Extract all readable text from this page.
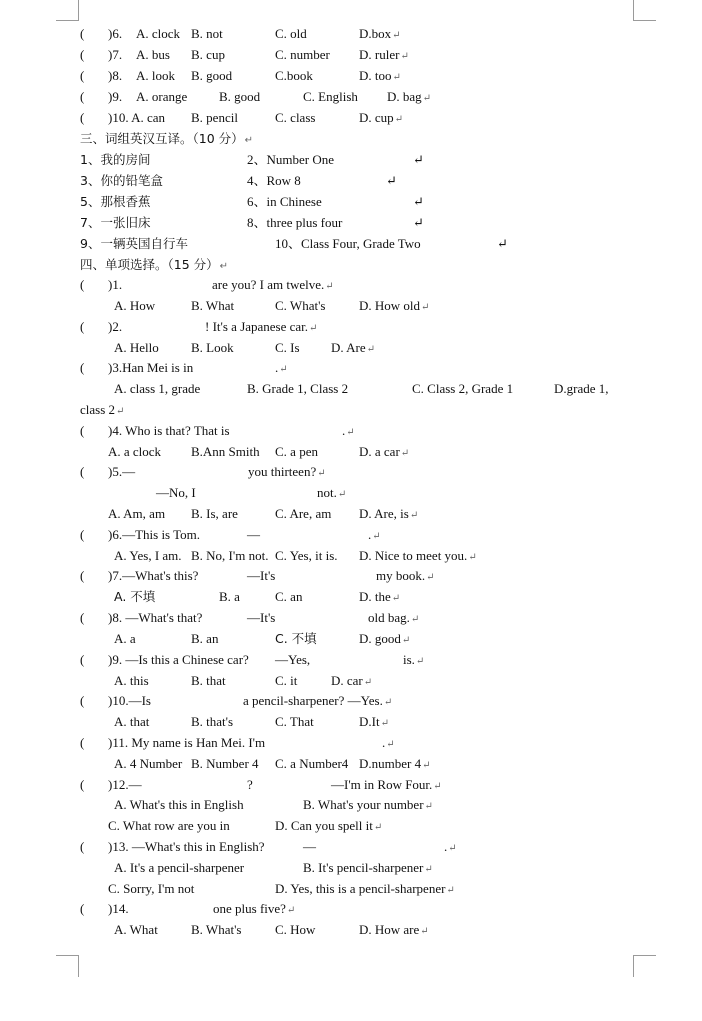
( )6. A. clock B. not	C. old	D.box↵
( )7. A. bus B. cup	C. number D. ruler↵
( )8. A. look B. good	C.book	D. too↵
( )9. A. orange B. good	C. English D. bag↵
( )10. A. can B. pencil	C. class	D. cup↵
三、词组英汉互译。（10 分）↵
1、我的房间	2、Number One	↵
3、你的铅笔盒	4、Row 8	↵
5、那根香蕉	6、in Chinese	↵
7、一张旧床	8、three plus four	↵
9、一辆英国自行车	10、Class Four, Grade Two	↵
四、单项选择。（15 分）↵
( )1.	are you? I am twelve.↵
A. How	B. What	C. What's	D. How old↵
( )2.	! It's a Japanese car.↵
A. Hello B. Look	C. Is D. Are↵
( )3.Han Mei is in	.↵
A. class 1, grade	B. Grade 1, Class 2	C. Class 2, Grade 1	D.grade 1,
class 2↵
( )4. Who is that? That is	.↵
A. a clock B.Ann Smith C. a pen	D. a car↵
( )5.—	you thirteen?↵
—No, I	not.↵
A. Am, am B. Is, are	C. Are, am D. Are, is↵
( )6.—This is Tom.	—	.↵
A. Yes, I am. B. No, I'm not. C. Yes, it is. D. Nice to meet you.↵
( )7.—What's this?	—It's	my book.↵
A. 不填	B. a	C. an	D. the↵
( )8. —What's that?	—It's	old bag.↵
A. a	B. an	C. 不填	D. good↵
( )9. —Is this a Chinese car? —Yes,	is.↵
A. this	B. that	C. it	D. car↵
( )10.—Is	a pencil-sharpener? —Yes.↵
A. that	B. that's	C. That	D.It↵
( )11. My name is Han Mei. I'm	.↵
A. 4 Number B. Number 4 C. a Number4 D.number 4↵
( )12.—	?	—I'm in Row Four.↵
A. What's this in English	B. What's your number↵
C. What row are you in	D. Can you spell it↵
( )13. —What's this in English?	—	.↵
A. It's a pencil-sharpener	B. It's pencil-sharpener↵
C. Sorry, I'm not	D. Yes, this is a pencil-sharpener↵
( )14.	one plus five?↵
A. What	B. What's	C. How	D. How are↵
